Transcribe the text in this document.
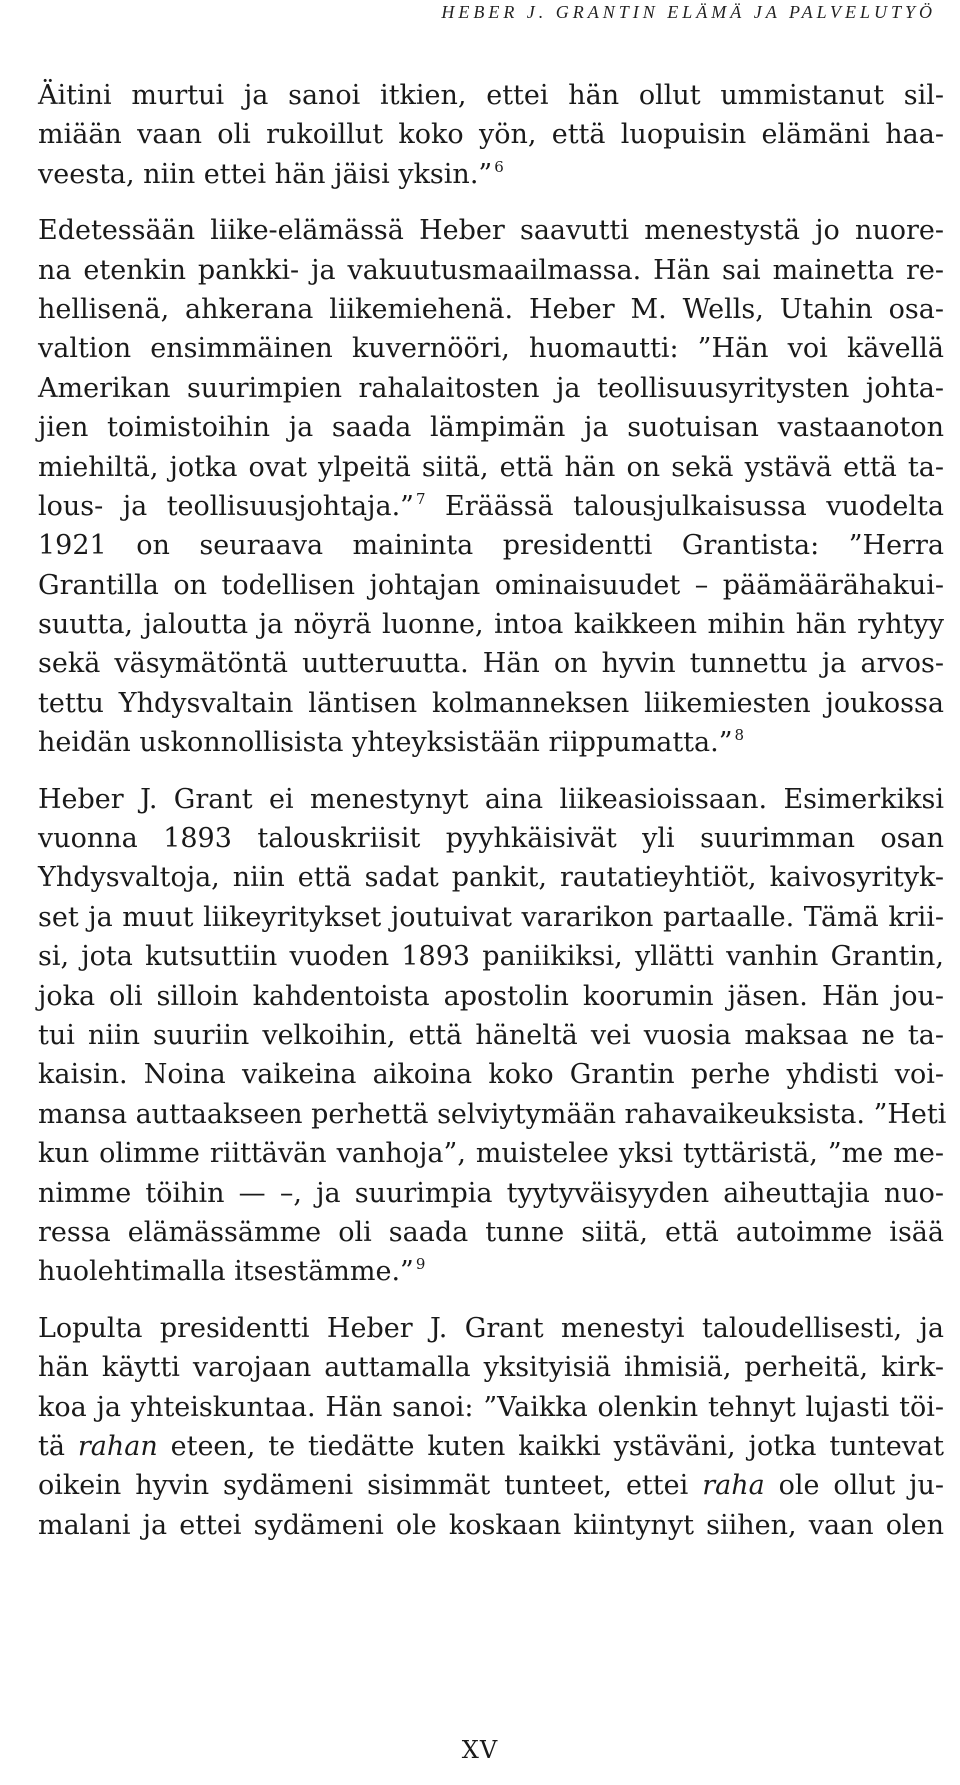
HEBER J. GRANTIN ELÄMÄ JA PALVELUTYÖ
Äitini murtui ja sanoi itkien, ettei hän ollut ummistanut sil-
miään vaan oli rukoillut koko yön, että luopuisin elämäni haa-
veesta, niin ettei hän jäisi yksin.” $^6$
Edetessään liike-elämässä Heber saavutti menestystä jo nuore-
na etenkin pankki- ja vakuutusmaailmassa. Hän sai mainetta re-
hellisenä, ahkerana liikemiehenä. Heber M. Wells, Utahin osa-
valtion ensimmäinen kuvernööri, huomautti: ”Hän voi kävellä
Amerikan suurimpien rahalaitosten ja teollisuusyritysten johta-
jien toimistoihin ja saada lämpimän ja suotuisan vastaanoton
miehiltä, jotka ovat ylpeitä siitä, että hän on sekä ystävä että ta-
lous- ja teollisuusjohtaja.” $^7$ Eräässä talousjulkaisussa vuodelta
1921 on seuraava maininta presidentti Grantista: ”Herra
Grantilla on todellisen johtajan ominaisuudet – päämäärähakui-
suutta, jaloutta ja nöyrä luonne, intoa kaikkeen mihin hän ryhtyy
sekä väsymätöntä uutteruutta. Hän on hyvin tunnettu ja arvos-
tettu Yhdysvaltain läntisen kolmanneksen liikemiesten joukossa
heidän uskonnollisista yhteyksistään riippumatta.” $^8$
Heber J. Grant ei menestynyt aina liikeasioissaan. Esimerkiksi
vuonna 1893 talouskriisit pyyhkäisivät yli suurimman osan
Yhdysvaltoja, niin että sadat pankit, rautatieyhtiöt, kaivosyrityk-
set ja muut liikeyritykset joutuivat vararikon partaalle. Tämä krii-
si, jota kutsuttiin vuoden 1893 paniikiksi, yllätti vanhin Grantin,
joka oli silloin kahdentoista apostolin koorumin jäsen. Hän jou-
tui niin suuriin velkoihin, että häneltä vei vuosia maksaa ne ta-
kaisin. Noina vaikeina aikoina koko Grantin perhe yhdisti voi-
mansa auttaakseen perhettä selviytymään rahavaikeuksista. ”Heti
kun olimme riittävän vanhoja”, muistelee yksi tyttäristä, ”me me-
nimme töihin — –, ja suurimpia tyytyväisyyden aiheuttajia nuo-
ressa elämässämme oli saada tunne siitä, että autoimme isää
huolehtimalla itsestämme.” $^9$
Lopulta presidentti Heber J. Grant menestyi taloudellisesti, ja
hän käytti varojaan auttamalla yksityisiä ihmisiä, perheitä, kirk-
koa ja yhteiskuntaa. Hän sanoi: ”Vaikka olenkin tehnyt lujasti töi-
tä rahan eteen, te tiedätte kuten kaikki ystäväni, jotka tuntevat
oikein hyvin sydämeni sisimmät tunteet, ettei raha ole ollut ju-
malani ja ettei sydämeni ole koskaan kiintynyt siihen, vaan olen
XV
